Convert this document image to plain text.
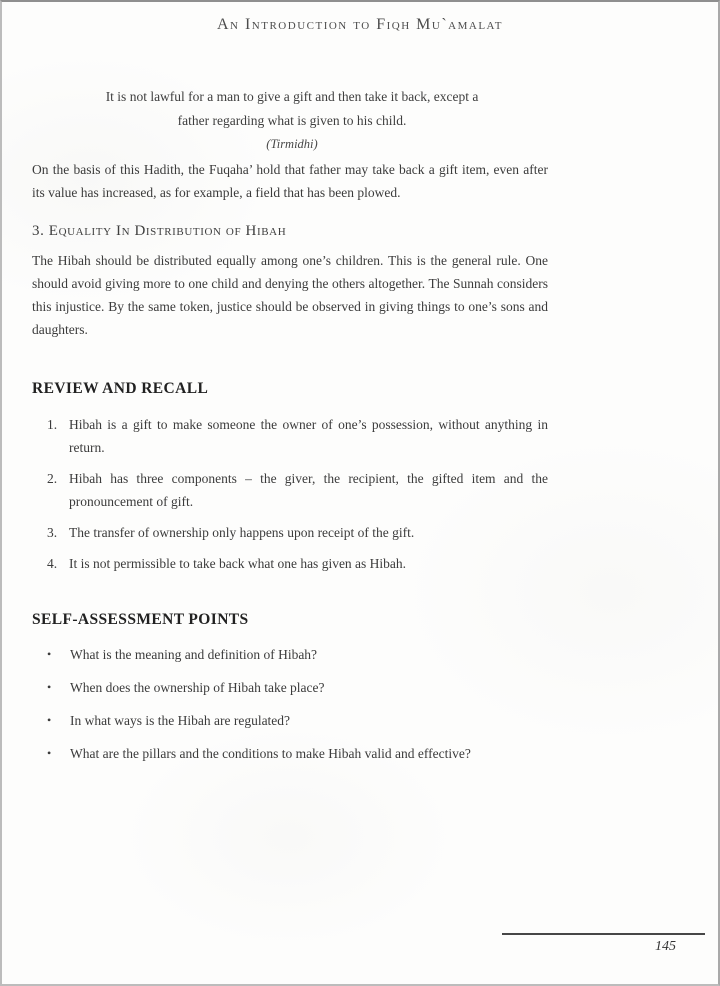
An Introduction to Fiqh Mu`amalat
It is not lawful for a man to give a gift and then take it back, except a
father regarding what is given to his child.
(Tirmidhi)
On the basis of this Hadith, the Fuqaha’ hold that father may take back a gift item, even after its value has increased, as for example, a field that has been plowed.
3. Equality In Distribution of Hibah
The Hibah should be distributed equally among one’s children. This is the general rule. One should avoid giving more to one child and denying the others altogether. The Sunnah considers this injustice. By the same token, justice should be observed in giving things to one’s sons and daughters.
REVIEW AND RECALL
1. Hibah is a gift to make someone the owner of one’s possession, without anything in return.
2. Hibah has three components – the giver, the recipient, the gifted item and the pronouncement of gift.
3. The transfer of ownership only happens upon receipt of the gift.
4. It is not permissible to take back what one has given as Hibah.
SELF-ASSESSMENT POINTS
•	What is the meaning and definition of Hibah?
•	When does the ownership of Hibah take place?
•	In what ways is the Hibah are regulated?
•	What are the pillars and the conditions to make Hibah valid and effective?
145
